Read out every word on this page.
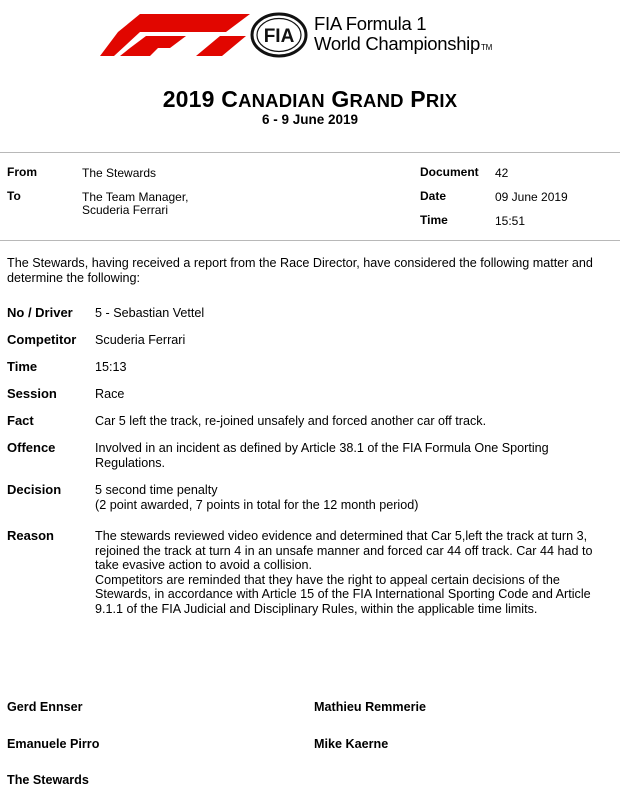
FIA
FIA Formula 1
World ChampionshipTM
2019 CANADIAN GRAND PRIX
6 - 9 June 2019
From	The Stewards
To	The Team Manager,
Scuderia Ferrari
Document 42
Date	09 June 2019
Time	15:51
The Stewards, having received a report from the Race Director, have considered the following matter and determine the following:
No / Driver 5 - Sebastian Vettel
Competitor Scuderia Ferrari
Time	15:13
Session	Race
Fact	Car 5 left the track, re-joined unsafely and forced another car off track.
Offence	Involved in an incident as defined by Article 38.1 of the FIA Formula One Sporting Regulations.
Decision	5 second time penalty

(2 point awarded, 7 points in total for the 12 month period)

Reason	The stewards reviewed video evidence and determined that Car 5,left the track at turn 3, rejoined the track at turn 4 in an unsafe manner and forced car 44 off track. Car 44 had to take evasive action to avoid a collision.

Competitors are reminded that they have the right to appeal certain decisions of the Stewards, in accordance with Article 15 of the FIA International Sporting Code and Article 9.1.1 of the FIA Judicial and Disciplinary Rules, within the applicable time limits.

Gerd Ennser	Mathieu Remmerie
Emanuele Pirro	Mike Kaerne
The Stewards
